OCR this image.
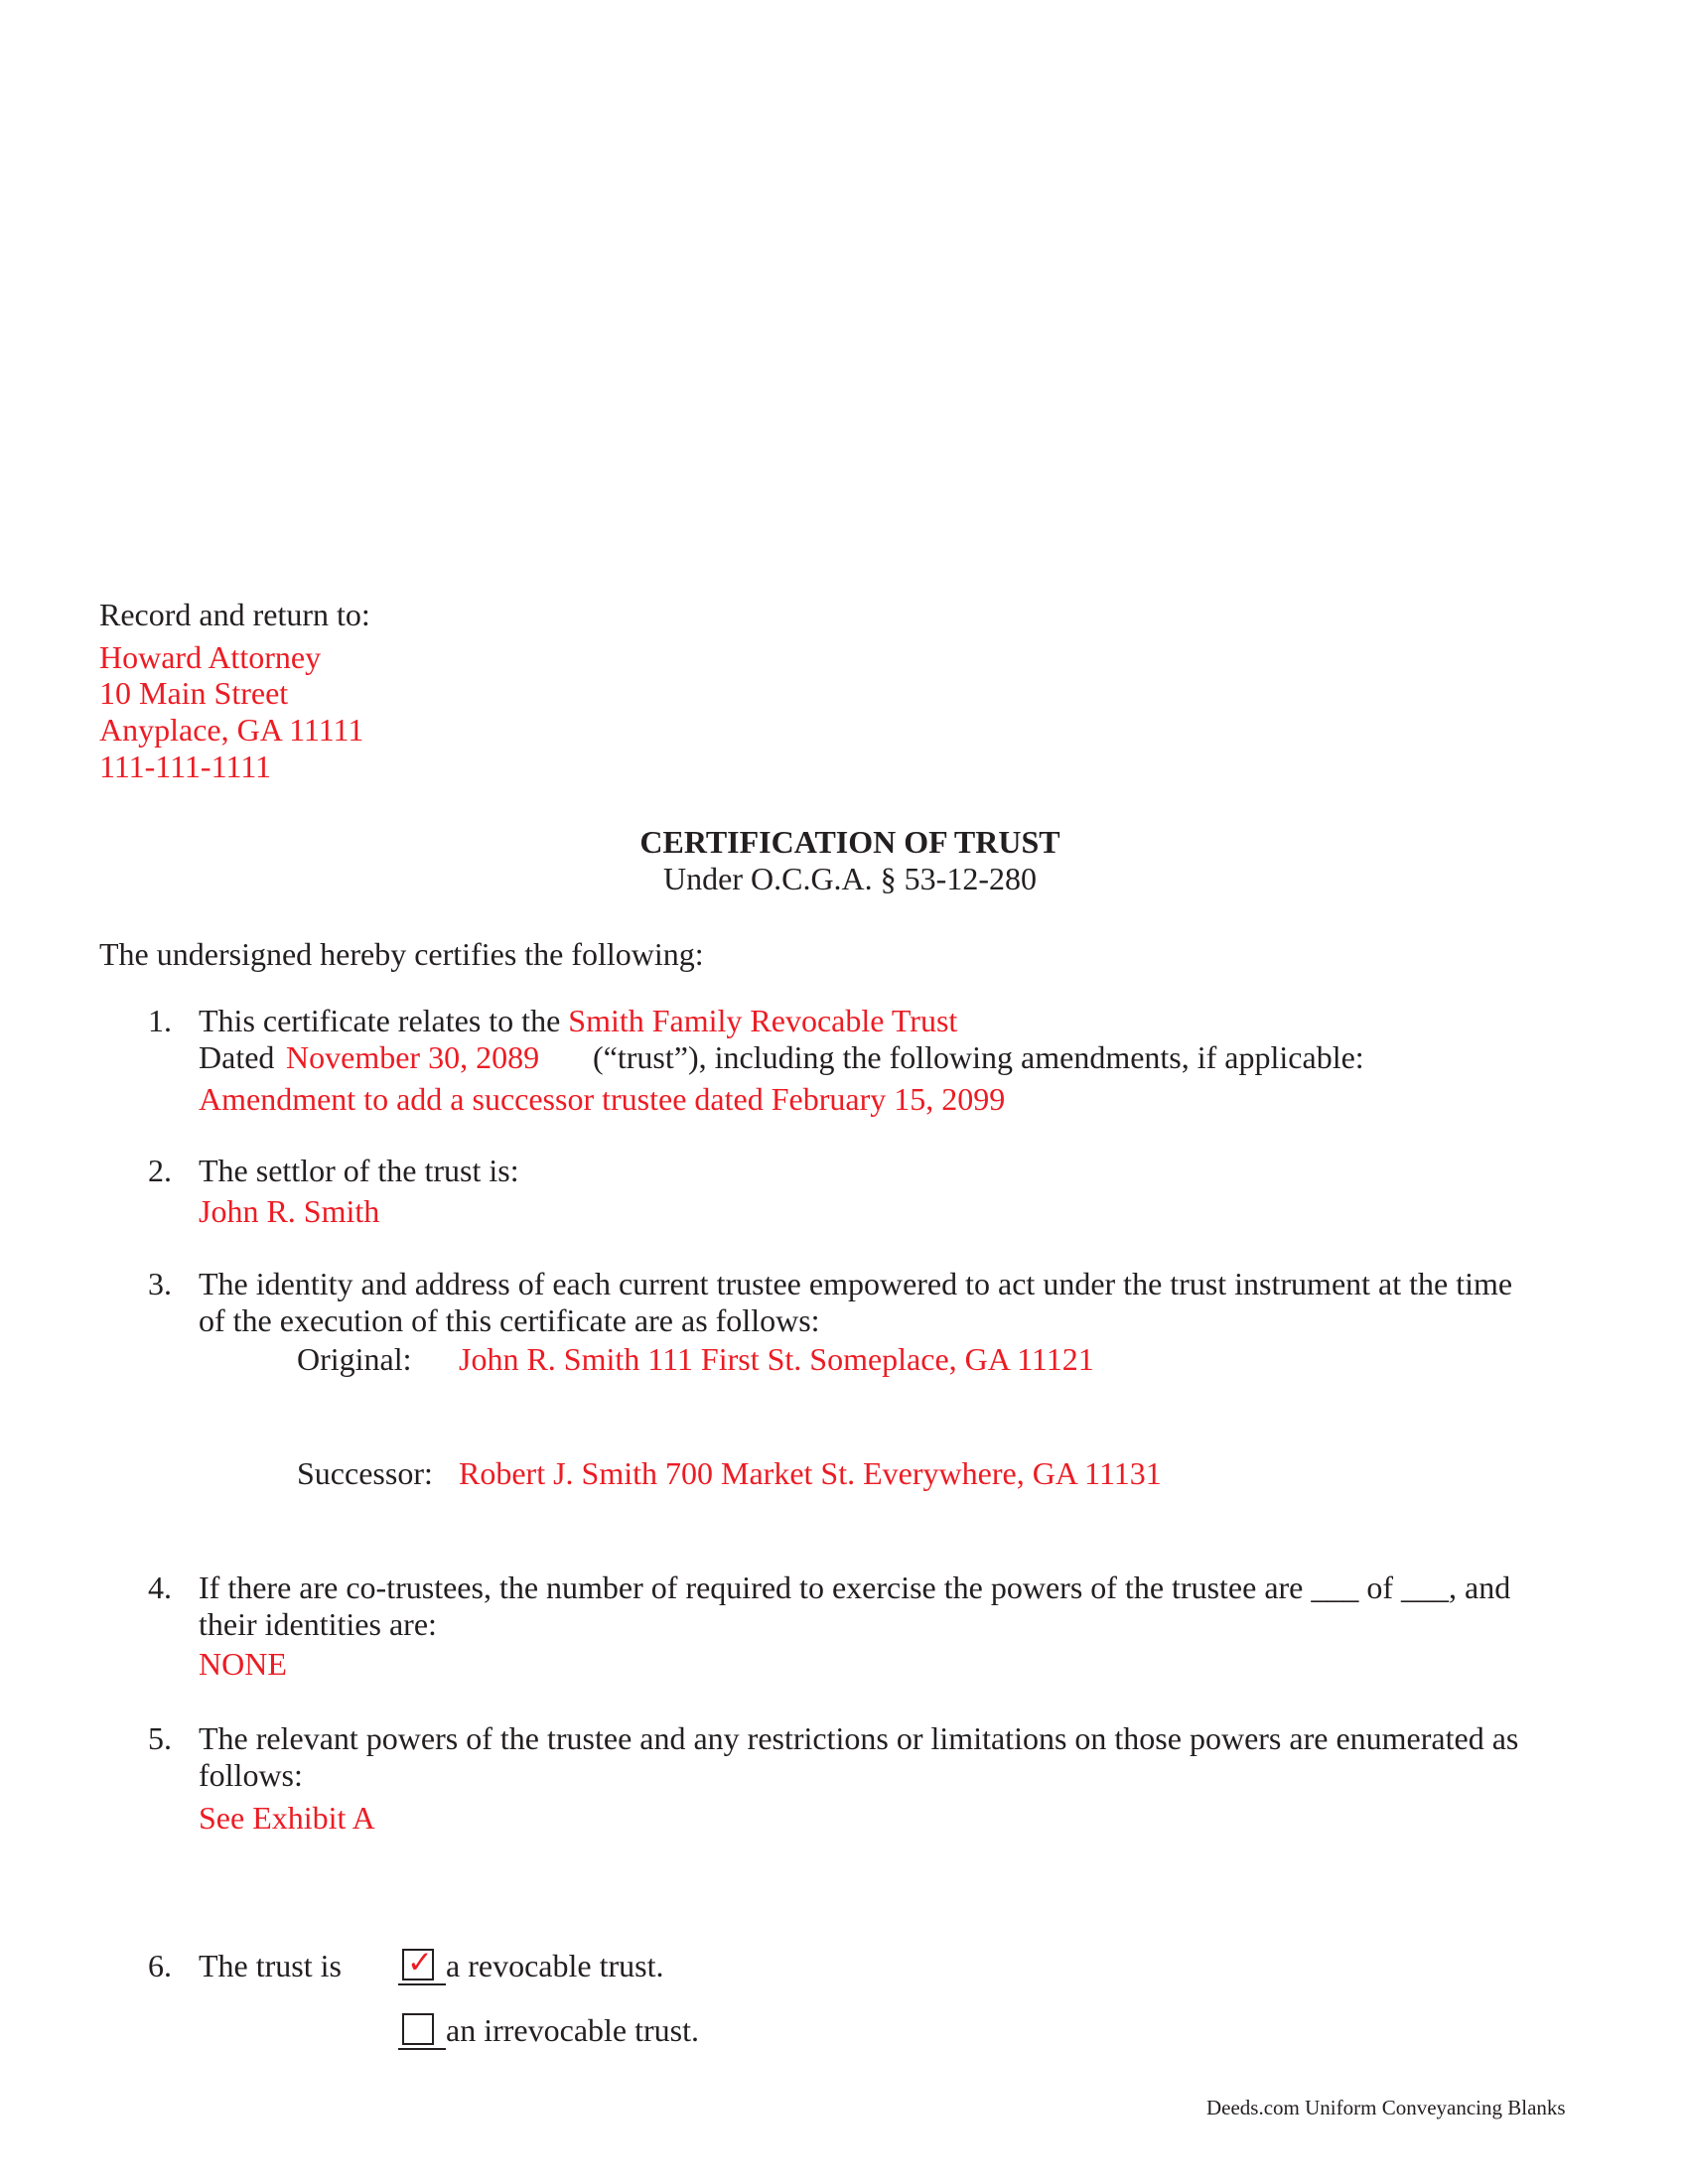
Record and return to:
Howard Attorney
10 Main Street
Anyplace, GA 11111
111-111-1111
CERTIFICATION OF TRUST
Under O.C.G.A. § 53-12-280
The undersigned hereby certifies the following:
1. This certificate relates to the Smith Family Revocable Trust
Dated November 30, 2089 (“trust”), including the following amendments, if applicable:
Amendment to add a successor trustee dated February 15, 2099
2. The settlor of the trust is:
John R. Smith
3. The identity and address of each current trustee empowered to act under the trust instrument at the time
of the execution of this certificate are as follows:
Original: John R. Smith 111 First St. Someplace, GA 11121
Successor: Robert J. Smith 700 Market St. Everywhere, GA 11131
4. If there are co-trustees, the number of required to exercise the powers of the trustee are ___ of ___, and
their identities are:
NONE
5. The relevant powers of the trustee and any restrictions or limitations on those powers are enumerated as
follows:
See Exhibit A
6. The trust is ✓ a revocable trust.
an irrevocable trust.
Deeds.com Uniform Conveyancing Blanks
